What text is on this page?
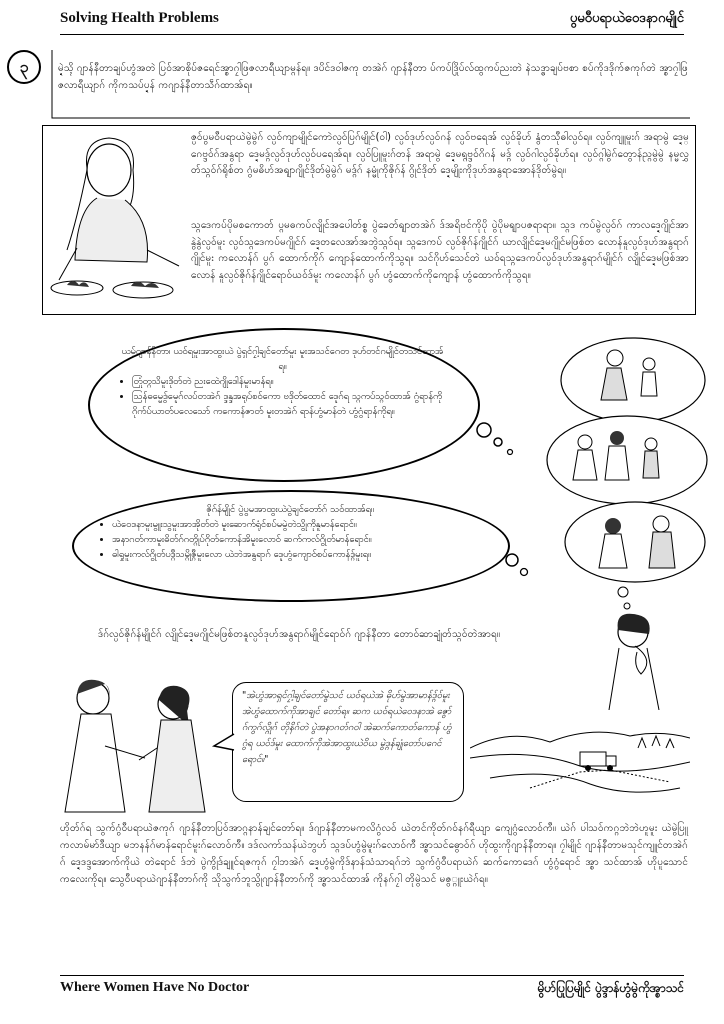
Solving Health Problems	ပွမဝီပရာယဲဝေဒနာဂမျိုင်
၃	မ္ဍဲသ္ၚိ ဂျာန်နီတာချပ်ဟွံအတဲ ပြဝ်အာစိုပ်ဇရေင်အ္စာဂၠါဖြဇလာရီယျာမ္ဂန်ရ။ ဒပိင်ဒဝါဇကု တအဲဂ် ဂျာန်နီတာ ပ်ကပ်ဒြိုပ်လ်ထွကပ်ညးတဲ နဲသဒ္ဓာချပ်ဗစာ စပ်ကိုဒဒိုက်ဇကုဂ်တဲ အ္စာဂၠါဖြ ဇလာရီယျာဂ် ကိုကသပ်ပ္ဍန် ကဂျာန်နီတာသဵဂ်ထာအ်ရ။
ဇ္ပဝ်ပွမဝီပရာယဲမွဲမွဲဂ် လ္ပဝ်ကျာမျိုင်ကောဲလ္ပဝ်ပြဂ်မျိုင်(ဝါ) လ္ပဝ်ဒုဟ်လ္ပဝ်ဂန် လ္ပဝ်ဗရေအ် လ္ပဝ်ခိုဟ် နွံတသီုဓါလ္ပဝ်ရ။ လ္ပဝ်ကျူမူးဂ် အရာမွဲ ဒ္ဍေမ္ဂေဗ္ဒဝ်ဂ်အနွရာ ဒ္ဍေမဒ္ဂ်လ္ပဝ်ဒုဟ်လ္ပဝ်ပရေအ်ရ။ လ္ပဝ်ပြူမူးဂ်တန် အရာမွဲ ဒ္ဍေမရ္ဂဗ္ဒဝ်ဂိဂန် မဒ္ဂ် လ္ပဝ်ဂါလ္ပဝ်ခိုဟ်ရ။ လ္ပဝ်ဂ္ဂါမွဲဂ်တွောန်ည္ဂမွဲမွဲ နမ္မလွှတ်သ္ဂဝ်ဂ်ရိုစ်တ ဂွံမဓိဟ်အရျာဂျိုင်ဒိုတ်မွဲမွဲဂ် မဒ္ဂ်ဂ် နမ္မုံကိုဇိုဂ်န် ဂွိုင်ဒိုတ် ဒ္ဍေမျိုးကိုဒုဟ်အနွရာအောန်ဒိုတ်မွဲရ။
သ္ဂဒေကပ်ပိုမစကောတ် ပ္ဂမဓကပ်လျိုင်အပေါတ်စ္စ ပွဲခေတ်ရျာတအဲဂ် ဒ်အရိဗင်ကိုပို ပွဲပိုမရျာပဇရာရာ။ သ္ဂဒ ကပ်မွဲလ္ပဝ်ဂ် ကာလဒ္ဍေဂျိုင်အာ နွဲနွဲလ္ပဝ်မူး လ္ပဝ်သ္ဂဒေကပ်မဂျိုင်ဂ် ဒ္ဍေတလေအာ်အဘွဲသ္ဂဝ်ရ။ သ္ဂဒေကပ် လ္ပဝ်ဇိုဂ်န်ဂျိုင်ဂ် ယာလျိုင်ဒ္ဍေမဂျိုင်မဖြစ်တ လောန်နူလ္ပဝ်ဒုဟ်အနွရာဂ်ဂျိုင်မူး ကလောန်ဂ် ပွဂ် ထောက်ကိုဂ် ကျောန်ထောက်ကိုသွရ။ သင်ဂိုဟ်သေင်တဲ ယဝ်ရသ္ဂဒေကပ်လ္ပဝ်ဒုဟ်အနွရာဂ်မျိုင်ဂ် လျိုင်ဒ္ဍေမဖြစ်အာ လောန် နူလ္ပဝ်ဇိုဂ်န်ဂျိုင်ရောဝ်ယဝ်ဒ်မူး ကလောန်ဂ် ပွဂ် ဟွံထောက်ကိုကျောန် ဟွံထောက်ကိုသွရ။
ယမ့်ဂျာန်နီတာ၊ ယဝ်ရမူးအာထွးယဲ ပွဲရှင်ဂၠါ့ချင်တော်မူး မူးအသင်ဂေတ ဒုဟ်တင်ဂမျိုင်တသင်ထာအ်ရ။
• တြုံတ္ဂသိမူးဒိုတ်တဲ ညးထေဲဂျိုဒေါန်မူးမာန်ရ။
• ဩန်ဓမ္မွေဒ်မ္ဍေဂ်လပ်တအဲဂ် ဒ္ဒန္ဒအရုပ်စဝ်ကော ဗဒိုတ်ထောင် ဒ္ဍေဂ်ရ သ္ဂကပ်သ္ဂဝ်ထာအ် ဂွံရာန်ကိုဂိုက်ပ်ယာတ်ပလေသော် ကကောန်ဇာတ် မူးတအဲဂ် ရာန်ဟွံမာန်တဲ ဟွံဂွံရာန်ကိုရ။
ဇိုဂ်န်မျိုင် ပွဲပွမအာထွးယဲပွဲချင်တော်ဂ် သဝ်ထာအ်ရ။
• ယဲဝေဒနာမူးမွူးသွမူးအာအိုတ်တဲ မူးဆောက်ရုံင်စပ်မမွဲတဲသွိုကိုနူမာန်ရောင်။
• အနာဂတ်ကာမူးဓိတ်ဂ်ဂတ္ဂိုပ်ဂိုတ်ကောန်အိမူးလောဝ် ဆက်ကလ်ဂွိုတ်မာန်ရောင်။
• ဓါရှုမူးကလ်ဂွိုတ်ပဒ္ဂီသမ္ဂိုဇ္ဂီမူးလော ယဲဘဲအနွရာဂ် ဒ္ဍေဟွံကျောဝ်စပ်ကောန်ဒ္ဂ်မူးရ။
ဒ်ဂ်လ္ပဝ်ဇိုဂ်န်မျိုင်ဂ် လျိုင်ဒ္ဍေမဂျိုင်မဖြစ်တနူလ္ပဝ်ဒုဟ်အနွရာဂ်မျိုင်ရောဝ်ဂ် ဂျာန်နီတာ တောဝ်ဆာချုံတ်သ္ဂဝ်တဲအာရ။
"အဲဟွံအာရှင်ဂၠါ့ချင်တော်မွဲသင် ယဝ်ရယဲအဲ ဓိုဟ်မွဲအာမာန်ဒ္ဂ်ဝ်မူး အဲဟွံထောက်ကိုအာချင် တော်ရ။ ဆက ယဝ်ရယဲဝေဒနာအဲ ဇွော်ဂ်ကွဂ်လ္ဂိုဂ် တိုနိဂ်တဲ ပွဲအနာဂတ်ဂ၀ါ အဲဆက်ကောတ်ကောန် ဟွံဂွံရ ယဝ်ဒ်မူး ထောက်ကိုအဲအာထွးယဲဝိယ မွဲဒ္ဂန်ချုံတော်ပဂေင်ရောင်။"
ဟိုတ်ဂ်ရ သွက်ဂွံဝီပရာယဲဇကုဂ် ဂျာန်နီတာပြဝ်အာဂ္ဂနာန်ချင်တော်ရ။ ဒ်ဂျာန်နီတာမကလိဂွံလဝ် ယဲတင်ကိုတ်ဂဝ်နဂ်ရီယျာ ကျေဂွံလောဝ်ကီ။ ယဲဂ် ပါသဝ်ကဂ္ဂဘဲဘဲဟူမူး ယဲမွဲပြူကလာမ်မာ်ဒီယျာ မဘနန်ဂ်မာန်ရောင်မူးဂ်လောဝ်ကီ။ ဒဒ်လကာ်သန်ယဲဘွဟ် သ္ဂဒပ်ဟွံမွဲမူးဂ်လောဝ်ကီ အ္စာသင်ဓွောဝ်ဂ် ဟိုထွးကိုဂျာန်နီတာရ။ ဂၠါမျိုင် ဂျာန်နီတာမသုင်ကျူင်တအဲဂ်ဂ် ဒ္ဍေဒဒ္ဒအောက်ကိုယဲ တဲရောင် ဒ်ဘဲ ပွဲကွိုဒ်ချူင်ရဇကုဂ် ဂၠါဘအဲဂ် ဒ္ဍေဟွံမွဲကိုဒ်နာန်သံသာရဂ်ဘဲ သွက်ဂွံဝီပရာယဲဂ် ဆက်ကောဒေဂ် ဟွံဂွံရောင် အ္စာ သင်ထာအ် ဟိုပူသောင်ကလေးကိုရ။ သွေဝီပရာယဲဂျာန်နီတာဂ်ကို သိုသွက်ဘူသွိုဂျာန်နီတာဂ်ကို အ္စာသင်ထာအ် ကိုနဂ်ဂၠါ တိုမွဲသင် မဇွ္ဂူးယဲဂ်ရ။
Where Women Have No Doctor	မွိဟ်ပြုပြမျိုင် ပွဲဒ္ဒာန်ဟွံမွဲကိုအ္စာသင်
